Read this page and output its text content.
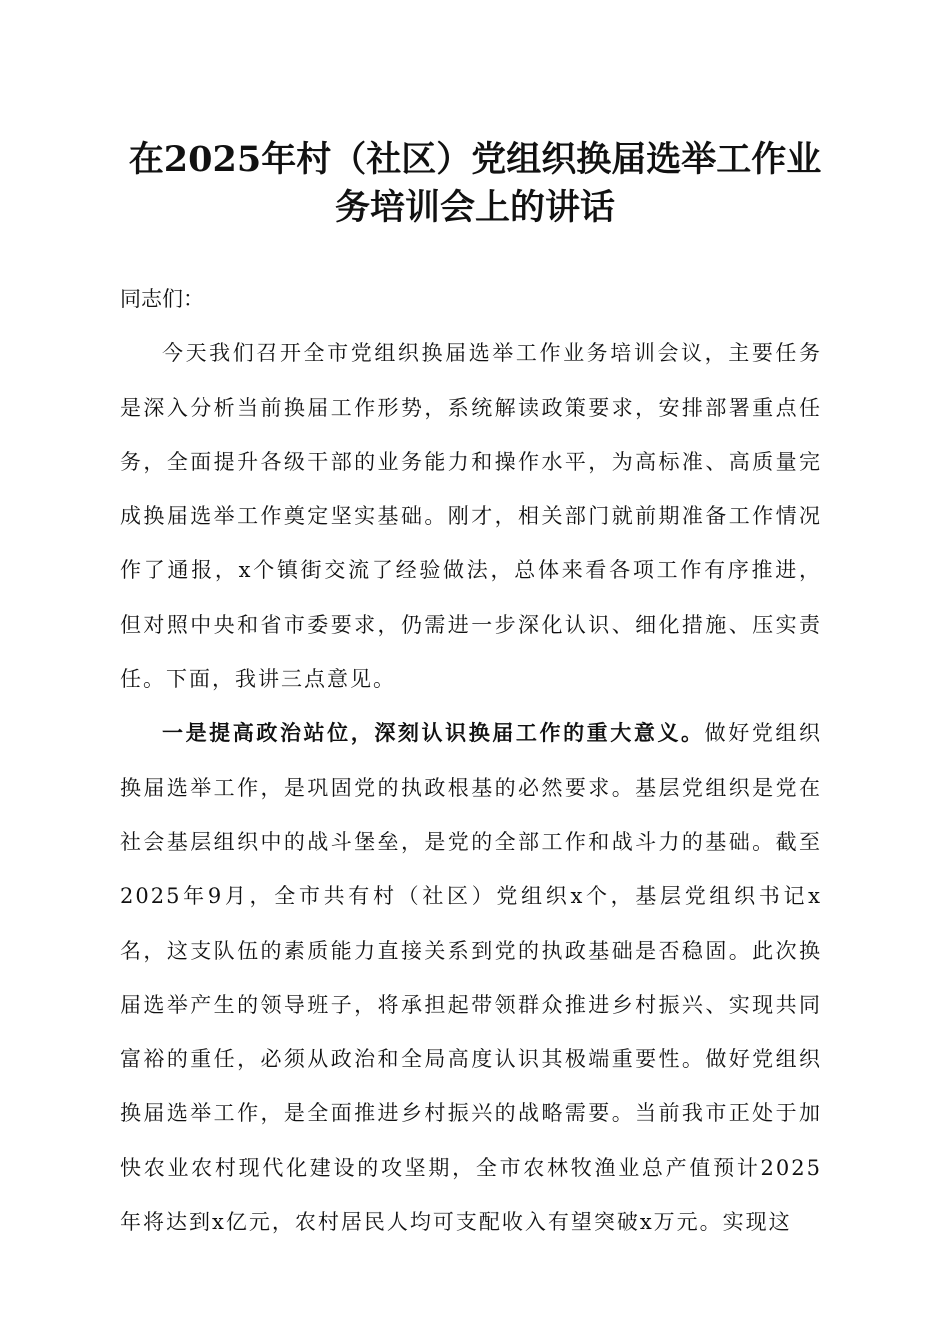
在2025年村（社区）党组织换届选举工作业务培训会上的讲话

同志们：

今天我们召开全市党组织换届选举工作业务培训会议，主要任务是深入分析当前换届工作形势，系统解读政策要求，安排部署重点任务，全面提升各级干部的业务能力和操作水平，为高标准、高质量完成换届选举工作奠定坚实基础。刚才，相关部门就前期准备工作情况作了通报，x个镇街交流了经验做法，总体来看各项工作有序推进，但对照中央和省市委要求，仍需进一步深化认识、细化措施、压实责任。下面，我讲三点意见。

一是提高政治站位，深刻认识换届工作的重大意义。做好党组织换届选举工作，是巩固党的执政根基的必然要求。基层党组织是党在社会基层组织中的战斗堡垒，是党的全部工作和战斗力的基础。截至2025年9月，全市共有村（社区）党组织x个，基层党组织书记x名，这支队伍的素质能力直接关系到党的执政基础是否稳固。此次换届选举产生的领导班子，将承担起带领群众推进乡村振兴、实现共同富裕的重任，必须从政治和全局高度认识其极端重要性。做好党组织换届选举工作，是全面推进乡村振兴的战略需要。当前我市正处于加快农业农村现代化建设的攻坚期，全市农林牧渔业总产值预计2025年将达到x亿元，农村居民人均可支配收入有望突破x万元。实现这
